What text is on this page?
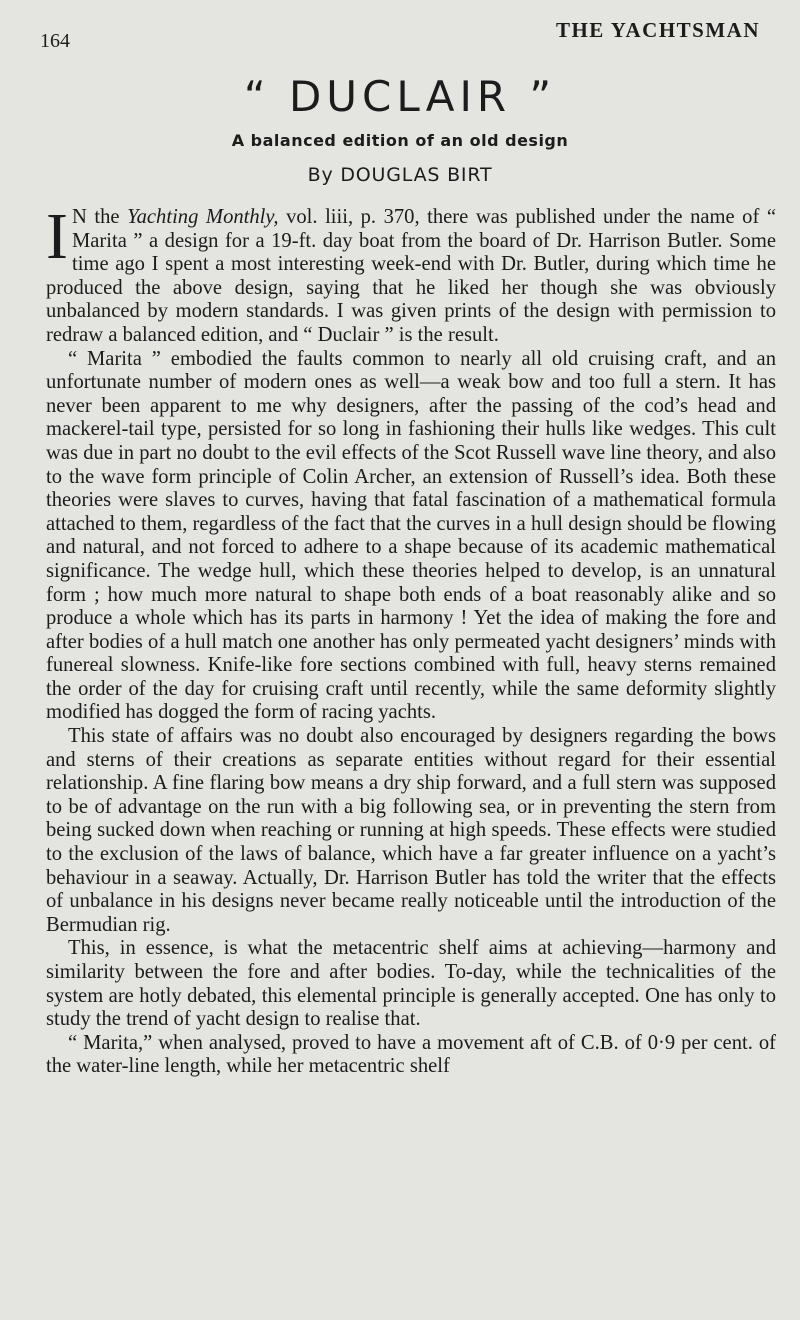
164	THE YACHTSMAN
“ DUCLAIR ”
A balanced edition of an old design
By DOUGLAS BIRT

I N the Yachting Monthly, vol. liii, p. 370, there was published under the name of “ Marita ” a design for a 19-ft. day boat from the board of Dr. Harrison Butler. Some time ago I spent a most interesting week-end with Dr. Butler, during which time he produced the above design, saying that he liked her though she was obviously unbalanced by modern standards. I was given prints of the design with permission to redraw a balanced edition, and “ Duclair ” is the result.

“ Marita ” embodied the faults common to nearly all old cruising craft, and an unfortunate number of modern ones as well—a weak bow and too full a stern. It has never been apparent to me why designers, after the passing of the cod’s head and mackerel-tail type, persisted for so long in fashioning their hulls like wedges. This cult was due in part no doubt to the evil effects of the Scot Russell wave line theory, and also to the wave form principle of Colin Archer, an extension of Russell’s idea. Both these theories were slaves to curves, having that fatal fascination of a mathematical formula attached to them, regardless of the fact that the curves in a hull design should be flowing and natural, and not forced to adhere to a shape because of its academic mathematical significance. The wedge hull, which these theories helped to develop, is an unnatural form ; how much more natural to shape both ends of a boat reasonably alike and so produce a whole which has its parts in harmony ! Yet the idea of making the fore and after bodies of a hull match one another has only permeated yacht designers’ minds with funereal slowness. Knife-like fore sections combined with full, heavy sterns remained the order of the day for cruising craft until recently, while the same deformity slightly modified has dogged the form of racing yachts.

This state of affairs was no doubt also encouraged by designers regarding the bows and sterns of their creations as separate entities without regard for their essential relationship. A fine flaring bow means a dry ship forward, and a full stern was supposed to be of advantage on the run with a big following sea, or in preventing the stern from being sucked down when reaching or running at high speeds. These effects were studied to the exclusion of the laws of balance, which have a far greater influence on a yacht’s behaviour in a seaway. Actually, Dr. Harrison Butler has told the writer that the effects of unbalance in his designs never became really noticeable until the introduction of the Bermudian rig.

This, in essence, is what the metacentric shelf aims at achieving—harmony and similarity between the fore and after bodies. To-day, while the technicalities of the system are hotly debated, this elemental principle is generally accepted. One has only to study the trend of yacht design to realise that.

“ Marita,” when analysed, proved to have a movement aft of C.B. of 0·9 per cent. of the water-line length, while her metacentric shelf
